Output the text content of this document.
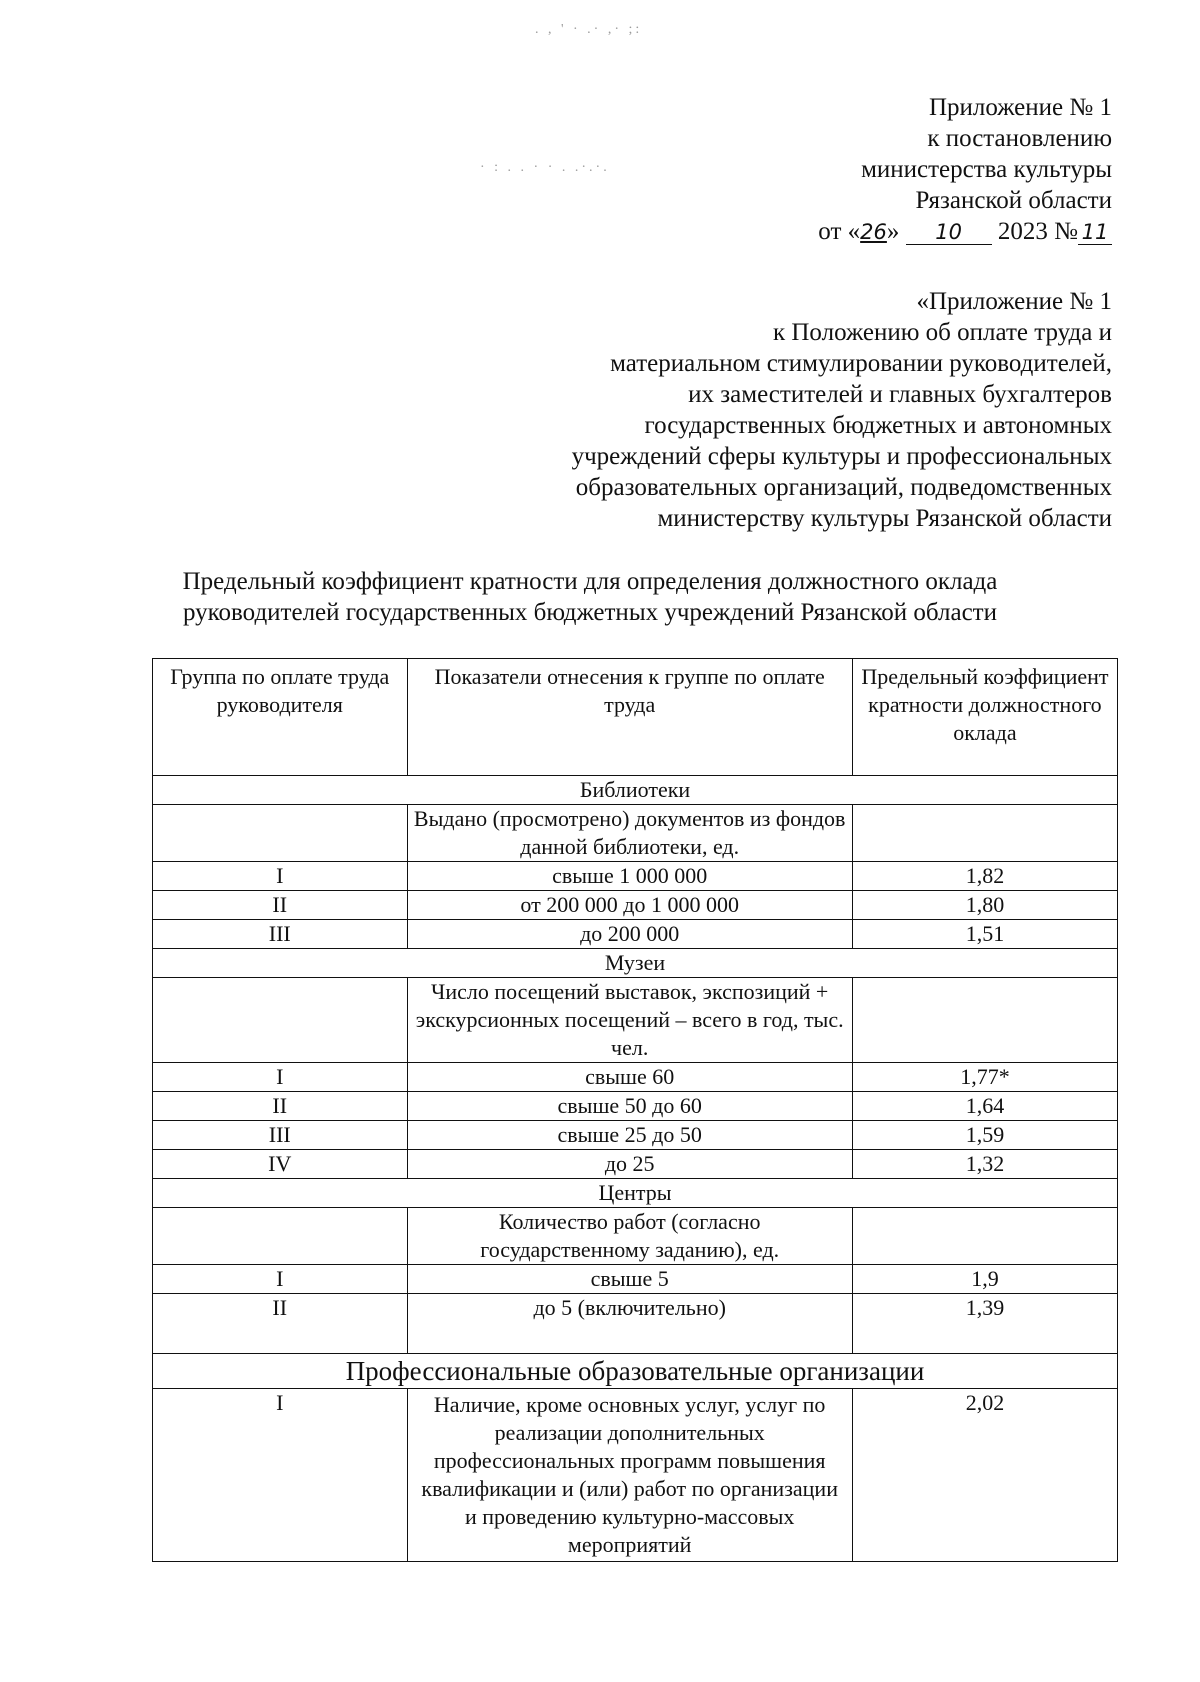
. , ' · .· ,· ;:
· : . . · · . .·.·.
Приложение № 1
к постановлению
министерства культуры
Рязанской области
от «26» 10 2023 № 11
«Приложение № 1
к Положению об оплате труда и
материальном стимулировании руководителей,
их заместителей и главных бухгалтеров
государственных бюджетных и автономных
учреждений сферы культуры и профессиональных
образовательных организаций, подведомственных
министерству культуры Рязанской области
Предельный коэффициент кратности для определения должностного оклада
руководителей государственных бюджетных учреждений Рязанской области
Группа по оплате труда руководителя	Показатели отнесения к группе по оплате труда	Предельный коэффициент кратности должностного оклада
Библиотеки		
	Выдано (просмотрено) документов из фондов данной библиотеки, ед.	
I	свыше 1 000 000	1,82
II	от 200 000 до 1 000 000	1,80
III	до 200 000	1,51
Музеи		
	Число посещений выставок, экспозиций + экскурсионных посещений – всего в год, тыс. чел.	
I	свыше 60	1,77*
II	свыше 50 до 60	1,64
III	свыше 25 до 50	1,59
IV	до 25	1,32
Центры		
	Количество работ (согласно государственному заданию), ед.	
I	свыше 5	1,9
II	до 5 (включительно)	1,39
Профессиональные образовательные организации		
I	Наличие, кроме основных услуг, услуг по реализации дополнительных профессиональных программ повышения квалификации и (или) работ по организации и проведению культурно-массовых мероприятий	2,02
